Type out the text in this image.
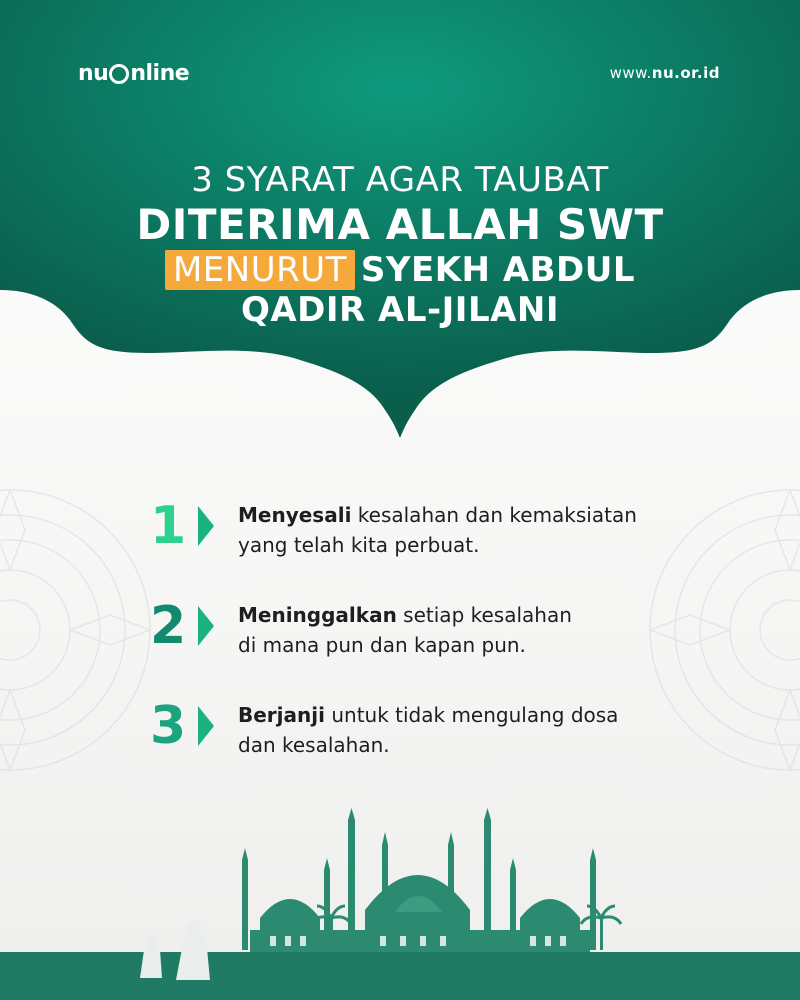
nu nline	www.nu.or.id
3 SYARAT AGAR TAUBAT
DITERIMA ALLAH SWT
MENURUT SYEKH ABDUL
QADIR AL-JILANI
1	Menyesali kesalahan dan kemaksiatan
yang telah kita perbuat.
2	Meninggalkan setiap kesalahan
di mana pun dan kapan pun.
3	Berjanji untuk tidak mengulang dosa
dan kesalahan.
